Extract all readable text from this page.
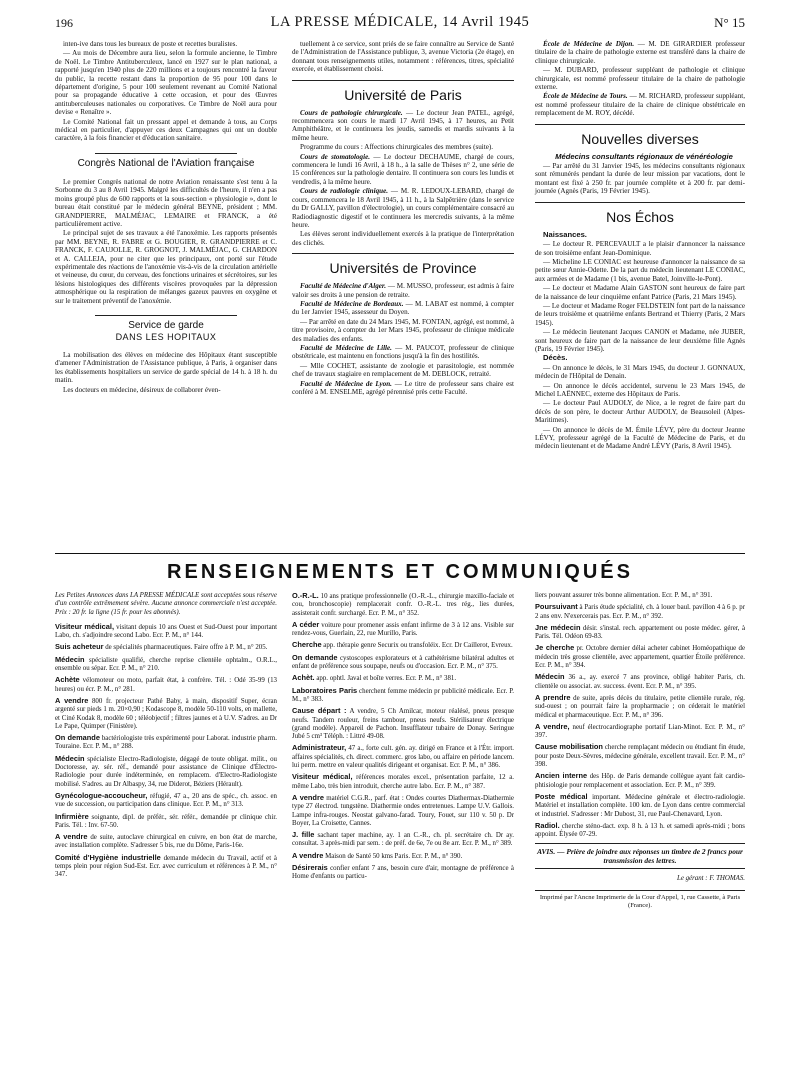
196	LA PRESSE MÉDICALE, 14 Avril 1945	N° 15

inten-ive dans tous les bureaux de poste et recettes buralistes.

— Au mois de Décembre aura lieu, selon la formule ancienne, le Timbre de Noël. Le Timbre Antituberculeux, lancé en 1927 sur le plan national, a rapporté jusqu'en 1940 plus de 220 millions et a toujours rencontré la faveur du public, la recette restant dans la proportion de 95 pour 100 dans le département d'origine, 5 pour 100 seulement revenant au Comité National pour sa propagande éducative à cette occasion, et pour des Œuvres antituberculeuses nationales ou corporatives. Ce Timbre de Noël aura pour devise « Renaître ».

Le Comité National fait un pressant appel et demande à tous, au Corps médical en particulier, d'appuyer ces deux Campagnes qui ont un double caractère, à la fois financier et d'éducation sanitaire.

Congrès National de l'Aviation française

Le premier Congrès national de notre Aviation renaissante s'est tenu à la Sorbonne du 3 au 8 Avril 1945. Malgré les difficultés de l'heure, il n'en a pas moins groupé plus de 600 rapports et la sous-section « physiologie », dont le bureau était constitué par le médecin général BEYNE, président ; MM. GRANDPIERRE, MALMÉJAC, LEMAIRE et FRANCK, a été particulièrement active.

Le principal sujet de ses travaux a été l'anoxémie. Les rapports présentés par MM. BEYNE, R. FABRE et G. BOUGIER, R. GRANDPIERRE et C. FRANCK, F. CAUJOLLE, R. GROGNOT, J. MALMÉJAC, G. CHARDON et A. CALLEJA, pour ne citer que les principaux, ont porté sur l'étude expérimentale des réactions de l'anoxémie vis-à-vis de la circulation artérielle et veineuse, du cœur, du cerveau, des fonctions urinaires et sécrétoires, sur les lésions histologiques des différents viscères provoquées par la dépression atmosphérique ou la respiration de mélanges gazeux pauvres en oxygène et sur le traitement préventif de l'anoxémie.

Service de garde
DANS LES HOPITAUX

La mobilisation des élèves en médecine des Hôpitaux étant susceptible d'amener l'Administration de l'Assistance publique, à Paris, à organiser dans les établissements hospitaliers un service de garde spécial de 14 h. à 18 h. du matin.

Les docteurs en médecine, désireux de collaborer éven-

tuellement à ce service, sont priés de se faire connaître au Service de Santé de l'Administration de l'Assistance publique, 3, avenue Victoria (2e étage), en donnant tous renseignements utiles, notamment : références, titres, spécialité exercée, et établissement choisi.

Université de Paris

Cours de pathologie chirurgicale. — Le docteur Jean PATEL, agrégé, recommencera son cours le mardi 17 Avril 1945, à 17 heures, au Petit Amphithéâtre, et le continuera les jeudis, samedis et mardis suivants à la même heure.

Programme du cours : Affections chirurgicales des membres (suite).

Cours de stomatologie. — Le docteur DECHAUME, chargé de cours, commencera le lundi 16 Avril, à 18 h., à la salle de Thèses n° 2, une série de 15 conférences sur la pathologie dentaire. Il continuera son cours les lundis et vendredis, à la même heure.

Cours de radiologie clinique. — M. R. LEDOUX-LEBARD, chargé de cours, commencera le 18 Avril 1945, à 11 h., à la Salpêtrière (dans le service du Dr GALLY, pavillon d'électrologie), un cours complémentaire consacré au Radiodiagnostic digestif et le continuera les mercredis suivants, à la même heure.

Les élèves seront individuellement exercés à la pratique de l'interprétation des clichés.

Universités de Province

Faculté de Médecine d'Alger. — M. MUSSO, professeur, est admis à faire valoir ses droits à une pension de retraite.

Faculté de Médecine de Bordeaux. — M. LABAT est nommé, à compter du 1er Janvier 1945, assesseur du Doyen.

— Par arrêté en date du 24 Mars 1945, M. FONTAN, agrégé, est nommé, à titre provisoire, à compter du 1er Mars 1945, professeur de clinique médicale des maladies des enfants.

Faculté de Médecine de Lille. — M. PAUCOT, professeur de clinique obstétricale, est maintenu en fonctions jusqu'à la fin des hostilités.

— Mlle COCHET, assistante de zoologie et parasitologie, est nommée chef de travaux stagiaire en remplacement de M. DEBLOCK, retraité.

Faculté de Médecine de Lyon. — Le titre de professeur sans chaire est conféré à M. ENSELME, agrégé pérennisé près cette Faculté.

École de Médecine de Dijon. — M. DE GIRARDIER professeur titulaire de la chaire de pathologie externe est transféré dans la chaire de clinique chirurgicale.

— M. DUBARD, professeur suppléant de pathologie et clinique chirurgicale, est nommé professeur titulaire de la chaire de pathologie externe.

École de Médecine de Tours. — M. RICHARD, professeur suppléant, est nommé professeur titulaire de la chaire de clinique obstétricale en remplacement de M. ROY, décédé.

Nouvelles diverses

Médecins consultants régionaux de vénéréologie

— Par arrêté du 31 Janvier 1945, les médecins consultants régionaux sont rémunérés pendant la durée de leur mission par vacations, dont le montant est fixé à 250 fr. par journée complète et à 200 fr. par demi-journée (Agnès (Paris, 19 Février 1945).

Nos Échos

Naissances.

— Le docteur R. PERCEVAULT a le plaisir d'annoncer la naissance de son troisième enfant Jean-Dominique.

— Micheline LE CONIAC est heureuse d'annoncer la naissance de sa petite sœur Annie-Odette. De la part du médecin lieutenant LE CONIAC, aux armées et de Madame (1 bis, avenue Batel, Joinville-le-Pont).

— Le docteur et Madame Alain GASTON sont heureux de faire part de la naissance de leur cinquième enfant Patrice (Paris, 21 Mars 1945).

— Le docteur et Madame Roger FELDSTEIN font part de la naissance de leurs troisième et quatrième enfants Bertrand et Thierry (Paris, 2 Mars 1945).

— Le médecin lieutenant Jacques CANON et Madame, née JUBER, sont heureux de faire part de la naissance de leur deuxième fille Agnès (Paris, 19 Février 1945).

Décès.

— On annonce le décès, le 31 Mars 1945, du docteur J. GONNAUX, médecin de l'Hôpital de Denain.

— On annonce le décès accidentel, survenu le 23 Mars 1945, de Michel LAËNNEC, externe des Hôpitaux de Paris.

— Le docteur Paul AUDOLY, de Nice, a le regret de faire part du décès de son père, le docteur Arthur AUDOLY, de Beausoleil (Alpes-Maritimes).

— On annonce le décès de M. Émile LÉVY, père du docteur Jeanne LÉVY, professeur agrégé de la Faculté de Médecine de Paris, et du médecin lieutenant et de Madame André LÉVY (Paris, 8 Avril 1945).

RENSEIGNEMENTS ET COMMUNIQUÉS
Les Petites Annonces dans LA PRESSE MÉDICALE sont acceptées sous réserve d'un contrôle extrêmement sévère. Aucune annonce commerciale n'est acceptée. Prix : 20 fr. la ligne (15 fr. pour les abonnés).
Visiteur médical, visitant depuis 10 ans Ouest et Sud-Ouest pour important Labo, ch. s'adjoindre second Labo. Ecr. P. M., n° 144.
Suis acheteur de spécialités pharmaceutiques. Faire offre à P. M., n° 205.
Médecin spécialiste qualifié, cherche reprise clientèle ophtalm., O.R.L., ensemble ou sépar. Ecr. P. M., n° 210.
Achète vélomoteur ou moto, parfait état, à confrère. Tél. : Odé 35-99 (13 heures) ou écr. P. M., n° 281.
A vendre 800 fr. projecteur Pathé Baby, à main, dispositif Super, écran argenté sur pieds 1 m. 20×0,90 ; Kodascope 8, modèle 50-110 volts, en mallette, et Ciné Kodak 8, modèle 60 ; téléobjectif ; filtres jaunes et à U.V. S'adres. au Dr Le Pape, Quimper (Finistère).
On demande bactériologiste très expérimenté pour Laborat. industrie pharm. Touraine. Ecr. P. M., n° 288.
Médecin spécialiste Electro-Radiologiste, dégagé de toute obligat. milit., ou Doctoresse, ay. sér. réf., demandé pour assistance de Clinique d'Électro-Radiologie pour durée indéterminée, en remplacem. d'Electro-Radiologiste mobilisé. S'adres. au Dr Albaspy, 34, rue Diderot, Béziers (Hérault).
Gynécologue-accoucheur, réfugié, 47 a., 20 ans de spéc., ch. assoc. en vue de succession, ou participation dans clinique. Ecr. P. M., n° 313.
Infirmière soignante, dipl. de préfér., sér. référ., demandée pr clinique chir. Paris. Tél. : Inv. 67-50.
A vendre de suite, autoclave chirurgical en cuivre, en bon état de marche, avec installation complète. S'adresser 5 bis, rue du Dôme, Paris-16e.
Comité d'Hygiène industrielle demande médecin du Travail, actif et à temps plein pour région Sud-Est. Ecr. avec curriculum et références à P. M., n° 347.
O.-R.-L. 10 ans pratique professionnelle (O.-R.-L., chirurgie maxillo-faciale et cou, bronchoscopie) remplacerait confr. O.-R.-L. tres rég., lies durées, assisterait confr. surchargé. Ecr. P. M., n° 352.
A céder voiture pour promener assis enfant infirme de 3 à 12 ans. Visible sur rendez-vous, Guerlain, 22, rue Murillo, Paris.
Cherche app. thérapie genre Securix ou transfoléix. Ecr. Dr Caillerot, Evreux.
On demande cystoscopes explorateurs et à cathétérisme bilatéral adultes et enfant de préférence sous soupape, neufs ou d'occasion. Ecr. P. M., n° 375.
Achèt. app. ophtl. Javal et boîte verres. Ecr. P. M., n° 381.
Laboratoires Paris cherchent femme médecin pr publicité médicale. Ecr. P. M., n° 383.
Cause départ : A vendre, 5 Ch Amilcar, moteur réalésé, pneus presque neufs. Tandem rouleur, freins tambour, pneus neufs. Stérilisateur électrique (grand modèle). Appareil de Pachon. Insufflateur tubaire de Donay. Seringue Jubé 5 cm³ Téléph. : Littré 49-08.
Administrateur, 47 a., forte cult. gén. ay. dirigé en France et à l'Étr. import. affaires spécialités, ch. direct. commerc. gros labo, ou affaire en période lancem. lui perm. mettre en valeur qualités dirigeant et organisat. Ecr. P. M., n° 386.
Visiteur médical, références morales excel., présentation parfaite, 12 a. même Labo, très bien introduit, cherche autre labo. Ecr. P. M., n° 387.
A vendre matériel C.G.R., parf. état : Ondes courtes Diathermax-Diathermie type 27 électrod. tungstène. Diathermie ondes entretenues. Lampe U.V. Gallois. Lampe infra-rouges. Neostat galvano-farad. Toury, Fouet, sur 110 v. 50 p. Dr Boyer, La Croisette, Cannes.
J. fille sachant taper machine, ay. 1 an C.-R., ch. pl. secrétaire ch. Dr ay. consultat. 3 après-midi par sem. : de préf. de 6e, 7e ou 8e arr. Ecr. P. M., n° 389.
A vendre Maison de Santé 50 kms Paris. Ecr. P. M., n° 390.
Désirerais confier enfant 7 ans, besoin cure d'air, montagne de préférence à Home d'enfants ou particu-
liers pouvant assurer très bonne alimentation. Ecr. P. M., n° 391.
Poursuivant à Paris étude spécialité, ch. à louer baul. pavillon 4 à 6 p. pr 2 ans env. N'exercerais pas. Ecr. P. M., n° 392.
Jne médecin désir. s'instal. rech. appartement ou poste médec. gérer, à Paris. Tél. Odéon 69-83.
Je cherche pr. Octobre dernier délai acheter cabinet Homéopathique de médecin très grosse clientèle, avec appartement, quartier Étoile préférence. Ecr. P. M., n° 394.
Médecin 36 a., ay. exercé 7 ans province, obligé habiter Paris, ch. clientèle ou associat. av. success. évent. Ecr. P. M., n° 395.
A prendre de suite, après décès du titulaire, petite clientèle rurale, rég. sud-ouest ; on pourrait faire la propharmacie ; on céderait le matériel médical et pharmaceutique. Ecr. P. M., n° 396.
A vendre, neuf électrocardiographe portatif Lian-Minot. Ecr. P. M., n° 397.
Cause mobilisation cherche remplaçant médecin ou étudiant fin étude, pour poste Deux-Sèvres, médecine générale, excellent travail. Ecr. P. M., n° 398.
Ancien interne des Hôp. de Paris demande collègue ayant fait cardio-phtisiologie pour remplacement et association. Ecr. P. M., n° 399.
Poste médical important. Médecine générale et électro-radiologie. Matériel et installation complète. 100 km. de Lyon dans centre commercial et industriel. S'adresser : Mr Dubost, 31, rue Paul-Chenavard, Lyon.
Radiol. cherche sténo-dact. exp. 8 h. à 13 h. et samedi après-midi ; bons appoint. Élysée 07-29.
AVIS. — Prière de joindre aux réponses un timbre de 2 francs pour transmission des lettres.
Le gérant : F. THOMAS.
Imprimé par l'Ancne Imprimerie de la Cour d'Appel, 1, rue Cassette, à Paris (France).
